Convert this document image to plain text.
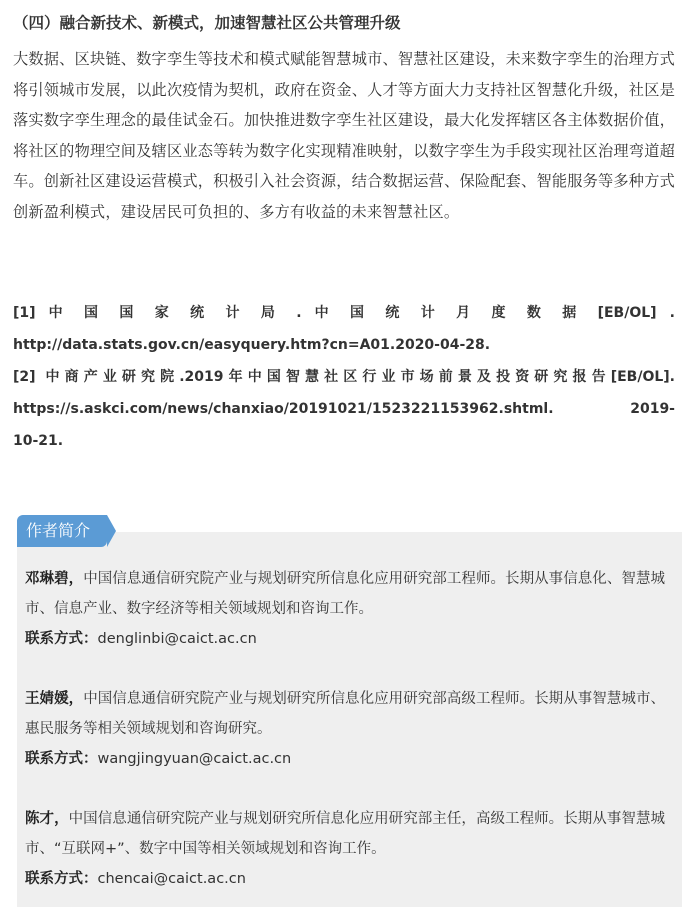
（四）融合新技术、新模式，加速智慧社区公共管理升级

大数据、区块链、数字孪生等技术和模式赋能智慧城市、智慧社区建设，未来数字孪生的治理方式将引领城市发展，以此次疫情为契机，政府在资金、人才等方面大力支持社区智慧化升级，社区是落实数字孪生理念的最佳试金石。加快推进数字孪生社区建设，最大化发挥辖区各主体数据价值，将社区的物理空间及辖区业态等转为数字化实现精准映射，以数字孪生为手段实现社区治理弯道超车。创新社区建设运营模式，积极引入社会资源，结合数据运营、保险配套、智能服务等多种方式创新盈利模式，建设居民可负担的、多方有收益的未来智慧社区。

[1] 中 国 国 家 统 计 局 . 中 国 统 计 月 度 数 据 [EB/OL] .
http://data.stats.gov.cn/easyquery.htm?cn=A01.2020-04-28.
[2] 中商产业研究院.2019年中国智慧社区行业市场前景及投资研究报告[EB/OL].
https://s.askci.com/news/chanxiao/20191021/1523221153962.shtml. 2019-
10-21.
作者简介
邓琳碧，中国信息通信研究院产业与规划研究所信息化应用研究部工程师。长期从事信息化、智慧城市、信息产业、数字经济等相关领域规划和咨询工作。
联系方式：denglinbi@caict.ac.cn
王婧媛，中国信息通信研究院产业与规划研究所信息化应用研究部高级工程师。长期从事智慧城市、惠民服务等相关领域规划和咨询研究。
联系方式：wangjingyuan@caict.ac.cn
陈才，中国信息通信研究院产业与规划研究所信息化应用研究部主任，高级工程师。长期从事智慧城市、“互联网+”、数字中国等相关领域规划和咨询工作。
联系方式：chencai@caict.ac.cn
